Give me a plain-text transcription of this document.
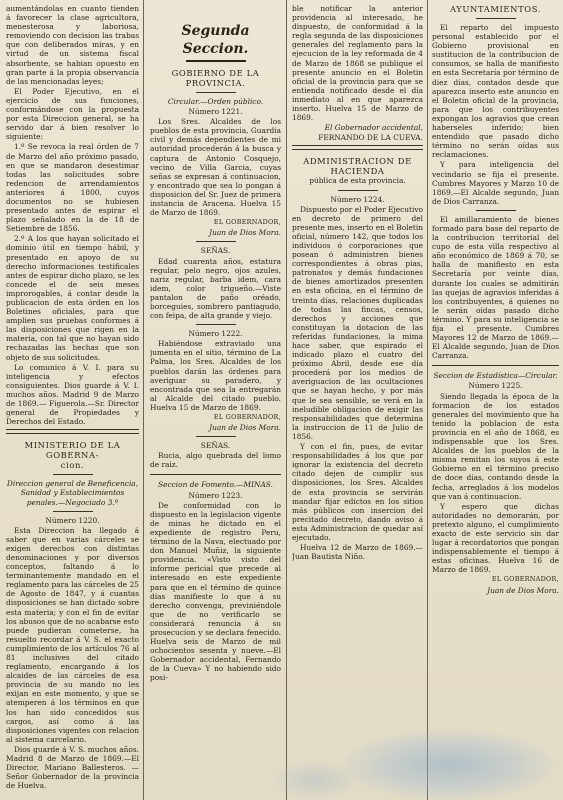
aumentándolas en cuanto tienden á favorecer la clase agricultora, menesterosa y laboriosa, removiendo con decision las trabas que con deliberados miras, y en virtud de un sistema fiscal absorbente, se habian opuesto en gran parte á la propia observancia de las mencionadas leyes;

El Poder Ejecutivo, en el ejercicio de sus funciones, conformándose con la propuesta por esta Direccion general, se ha servido dar á bien resolver lo siguiente:

1.º Se revoca la real órden de 7 de Marzo del año próximo pasado, en que se mandaron desestimar todas las solicitudes sobre redencion de arrendamientos anteriores á 1800, cuyos documentos no se hubiesen presentado antes de espirar el plazo señalado en la de 18 de Setiembre de 1856.

2.º A los que hayan solicitado el dominio útil en tiempo hábil, y presentado en apoyo de su derecho informaciones testificales antes de espirar dicho plazo, se les concede el de seis meses improrogables, á contar desde la publicacion de esta órden en los Boletines oficiales, para que amplien sus pruebas conformes á las disposiciones que rigen en la materia, con tal que no hayan sido rechazadas las hechas que son objeto de sus solicitudes.

Lo comunico á V. I. para su inteligencia y efectos consiguientes. Dios guarde á V. I. muchos años. Madrid 9 de Marzo de 1869.— Figuerola.—Sr. Director general de Propiedades y Derechos del Estado.

MINISTERIO DE LA GOBERNA-
cion.

Direccion general de Beneficencia, Sanidad y Establecimientos penales.—Negociado 3.º

Número 1220.

Esta Direccion ha llegado á saber que en varias cárceles se exigen derechos con distintas denominaciones y por diversos conceptos, faltando á lo terminantemente mandado en el reglamento para las cárceles de 25 de Agosto de 1847, y á cuantas disposiciones se han dictado sobre esta materia; y con el fin de evitar los abusos que de no acabarse esto puede pudieran cometerse, ha resuelto recordar á V. S. el exacto cumplimiento de los artículos 76 al 81 inclusives del citado reglamento, encargando á los alcaides de las cárceles de esa provincia de su mando no les exijan en este momento, y que se atemperen á los términos en que los han sido concedidos sus cargos, así como á las disposiciones vigentes con relacion al sistema carcelario.

Dios guarde á V. S. muchos años. Madrid 8 de Marzo de 1869.—El Director, Mariano Ballesteros. —Señor Gobernador de la provincia de Huelva.

Segunda Seccion.
GOBIERNO DE LA PROVINCIA.

Circular.—Orden público.

Número 1221.

Los Sres. Alcaldes de los pueblos de esta provincia, Guardia civil y demás dependientes de mi autoridad procederán á la busca y captura de Antonio Cosquejo, vecino de Villa Garcia, cuyas señas se expresan á continuacion, y encontrado que sea lo pongan á disposicion del Sr. Juez de primera instancia de Aracena. Huelva 15 de Marzo de 1869.

EL GOBERNADOR,

Juan de Dios Mora.

SEÑAS.

Edad cuarenta años, estatura regular, pelo negro, ojos azules, nariz regular, barba idem, cara idem, color trigueño.—Viste pantalon de paño oréado, borceguies, sombrero pantiagudo, con feipa, de alta grande y viejo.

Número 1222.

Habiéndose extraviado una jumenta en el sitio, término de La Palma, los Sres. Alcaldes de los pueblos darán las órdenes para averiguar su paradero, y encontrada que sea la entregarán al Alcalde del citado pueblo. Huelva 15 de Marzo de 1869.

EL GOBERNADOR,

Juan de Dios Mora.

SEÑAS.

Rucia, algo quebrada del lomo de raiz.

Seccion de Fomento.—MINAS.

Número 1223.

De conformidad con lo dispuesto en la legislacion vigente de minas he dictado en el expediente de registro Peru, término de la Nava, electuado por don Manuel Muñiz, la siguiente providencia. «Visto visto del informe pericial que precede al interesado en este expediente para que en el término de quince días manifieste lo que á su derecho convenga, previniéndole que de no verificarlo se considerará renuncia á su prosecucion y se declara fenecido. Huelva seis de Marzo de mil ochocientos sesenta y nueve.—El Gobernador accidental, Fernando de la Cueva» Y no habiendo sido posi-

ble notificar la anterior providencia al interesado, he dispuesto, de conformidad á la regla segunda de las disposiciones generales del reglamento para la ejecucion de la ley reformada de 4 de Marzo de 1868 se publique el presente anuncio en el Boletin oficial de la provincia para que se entienda notificado desde el día inmediato al en que aparezca inserto. Huelva 15 de Marzo de 1869.

El Gobernador accidental,

FERNANDO DE LA CUEVA.

ADMINISTRACION DE HACIENDA

pública de esta provincia.

Número 1224.

Dispuesto por el Poder Ejecutivo en decreto de primero del presente mes, inserto en el Boletin oficial, número 142, que todos los individuos ó corporaciones que posean ó administren bienes correspondientes á obras pias, patronatos y demás fundaciones de bienes amortizados presenten en esta oficina, en el término de treinta días, relaciones duplicadas de todas las fincas, censos, derechos y acciones que constituyan la dotacion de las referidas fundaciones, la mima hace saber, que espirado el indicado plazo el cuatro del próximo Abril, desde ese día procederá por los medios de averiguacion de las ocultaciones que se hayan hecho, y por más que le sea sensible, se verá en la ineludible obligacion de exigir las responsabilidades que determina la instruccion de 11 de Julio de 1856.

Y con el fin, pues, de evitar responsabilidades á los que por ignorar la existencia del decreto citado dejen de cumplir sus disposiciones, los Sres. Alcaldes de esta provincia se servirán mandar fijar edictos en los sitios más públicos con insercion del precitado decreto, dando aviso á esta Administracion de quedar así ejecutado.

Huelva 12 de Marzo de 1869.—Juan Bautista Niño.

AYUNTAMIENTOS.

El reparto del impuesto personal establecido por el Gobierno provisional en sustitucion de la contribucion de consumos, se halla de manifiesto en esta Secretaría por término de diez días, contados desde que aparezca inserto este anuncio en el Boletin oficial de la provincia, para que los contribuyentes expongan los agravios que crean haberseles inferido; bien entendido que pasado dicho término no serán oídas sus reclamaciones.

Y para inteligencia del vecindario se fija el presente. Cumbres Mayores y Marzo 10 de 1869.—El Alcalde segundo, Juan de Dios Carranza.

El amillaramiento de bienes formado para base del reparto de la contribucion territorial del cupo de esta villa respectivo al año económico de 1869 á 70, se halla de manifiesto en esta Secretaría por veinte días, durante los cuales se admitirán las quejas de agravios inferidas á los contribuyentes, á quienes no le serán oídas pasado dicho término. Y para su inteligencia se fija el presente. Cumbres Mayores 12 de Marzo de 1869.—El Alcalde segundo, Juan de Dios Carranza.

Seccion de Estadística—Circular.

Número 1225.

Siendo llegada la época de la formacion de los estados generales del movimiento que ha tenido la poblacion de esta provincia en el año de 1868, es indispensable que los Sres. Alcaldes de los pueblos de la misma remitan los suyos á este Gobierno en el término preciso de doce días, contando desde la fecha, arreglados á los modelos que van á continuacion.

Y espero que dichas autoridades no demorarán, por pretexto alguno, el cumplimiento exacto de este servicio sin dar lugar á recordatorios que pongan indispensablemente el tiempo á estas oficinas. Huelva 16 de Marzo de 1869.

EL GOBERNADOR,

Juan de Dios Mora.
